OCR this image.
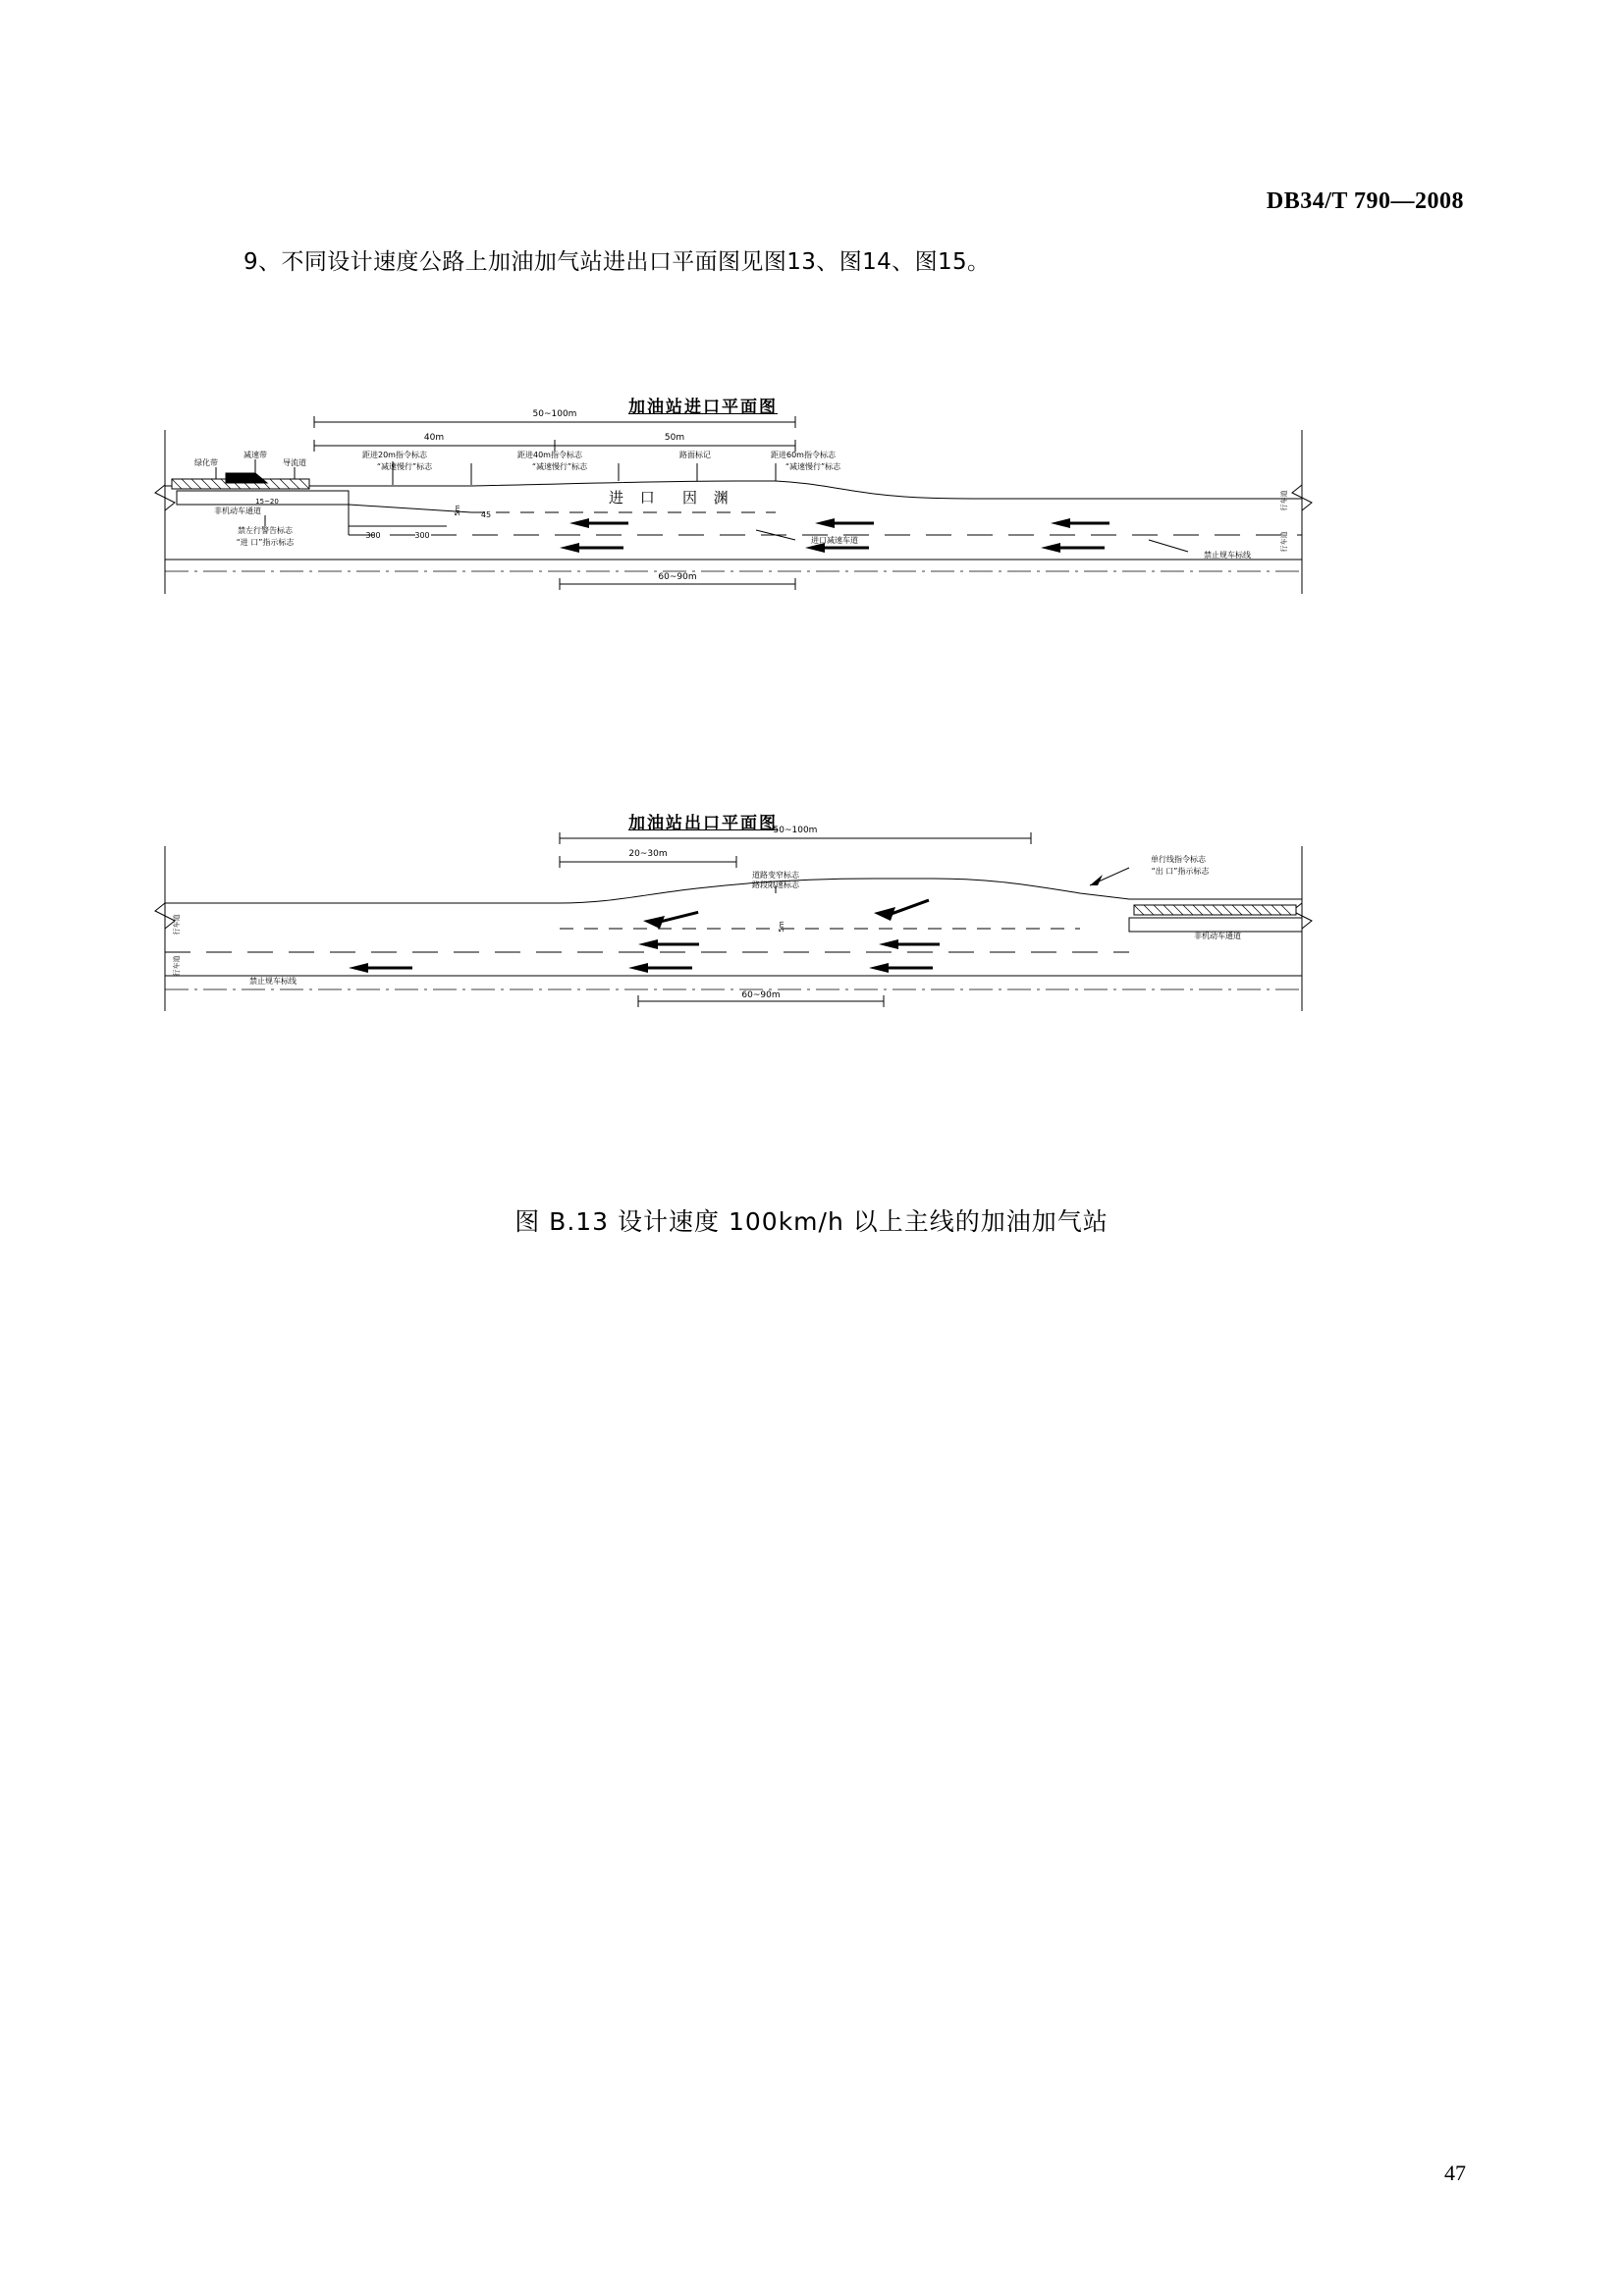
DB34/T 790—2008
9、不同设计速度公路上加油加气站进出口平面图见图13、图14、图15。
加油站进口平面图
加油站出口平面图
50~100m
40m	50m
300	300
45
5m
15~20	进 口 因 渊
60~90m
减速带
绿化带	导流道
非机动车通道
禁左行警告标志
“进 口”指示标志
距进20m指令标志
“减速慢行”标志
距进40m指令标志
“减速慢行”标志
路面标记	距进60m指令标志
“减速慢行”标志
进口减速车道
禁止规车标线
行车道
行车道
50~100m
20~30m
5m
60~90m
道路变窄标志
路段限速标志
单行线指令标志
“出 口”指示标志
非机动车通道
禁止规车标线
行车道
行车道
图 B.13 设计速度 100km/h 以上主线的加油加气站
47
